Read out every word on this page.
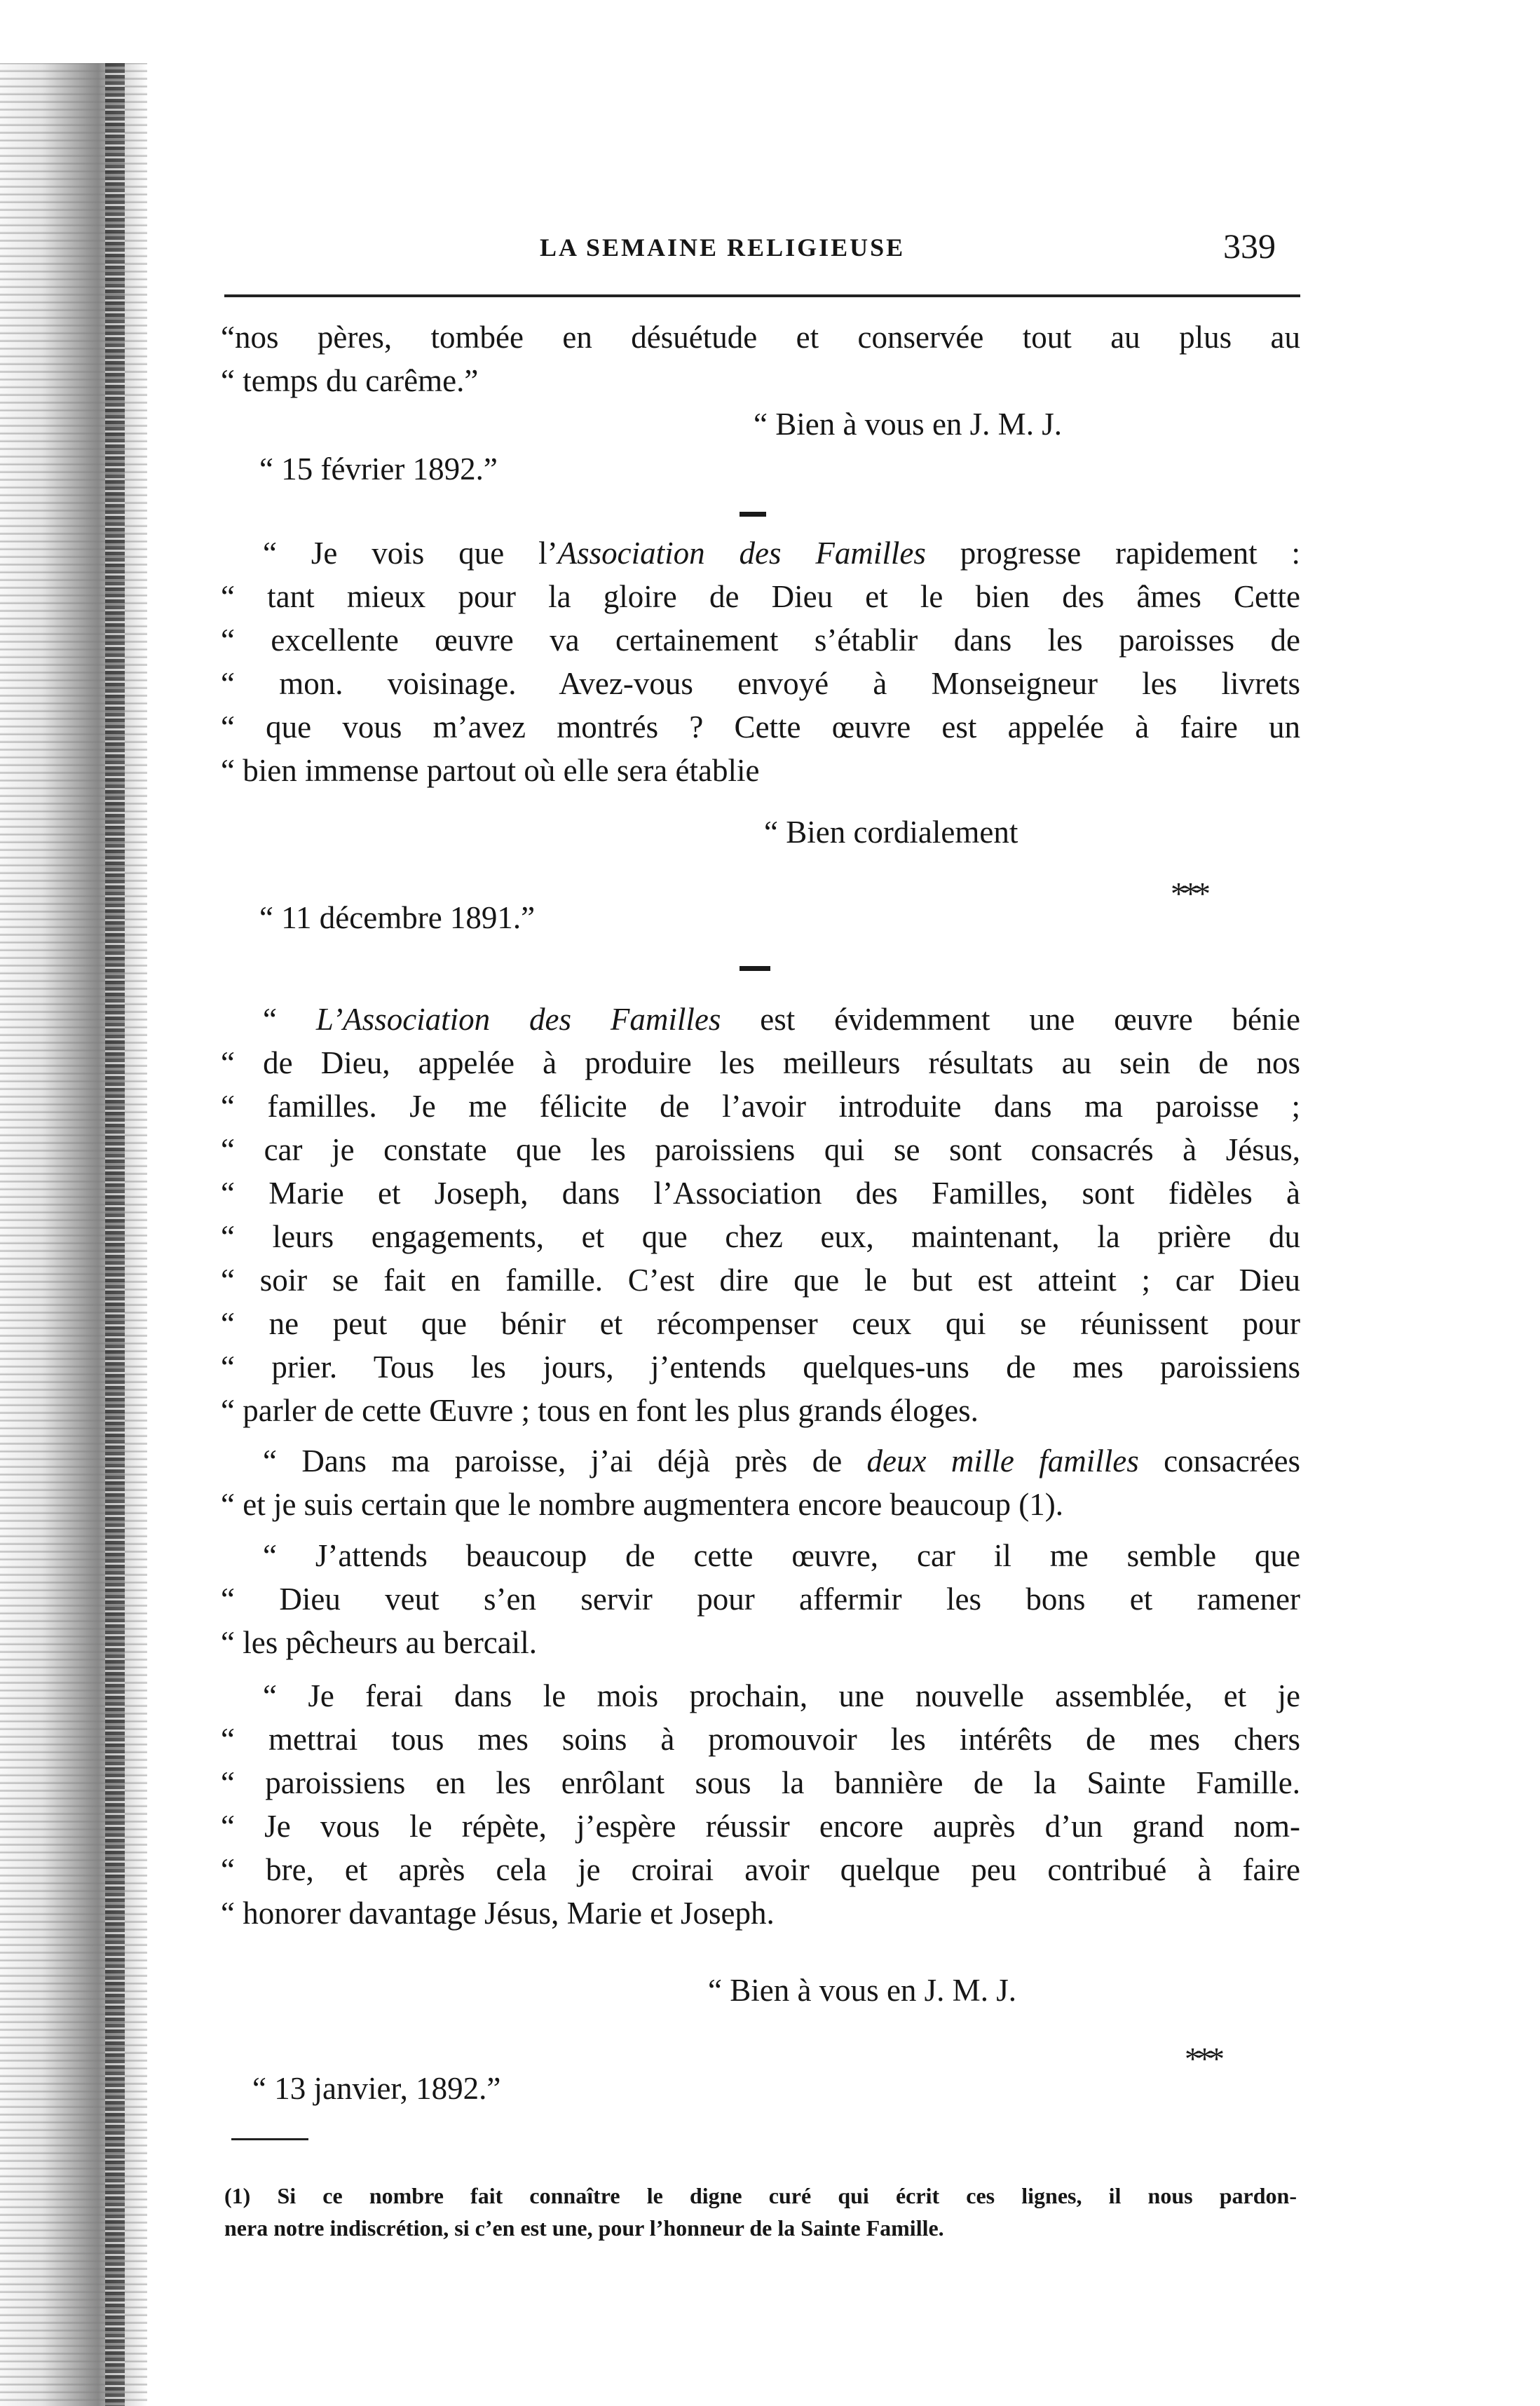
LA SEMAINE RELIGIEUSE	339
“nos pères, tombée en désuétude et conservée tout au plus au
“ temps du carême.”
“ Bien à vous en J. M. J.
“ 15 février 1892.”
“ Je vois que l’Association des Familles progresse rapidement :
“ tant mieux pour la gloire de Dieu et le bien des âmes Cette
“ excellente œuvre va certainement s’établir dans les paroisses de
“ mon. voisinage. Avez-vous envoyé à Monseigneur les livrets
“ que vous m’avez montrés ? Cette œuvre est appelée à faire un
“ bien immense partout où elle sera établie
“ Bien cordialement
***
“ 11 décembre 1891.”
“ L’Association des Familles est évidemment une œuvre bénie
“ de Dieu, appelée à produire les meilleurs résultats au sein de nos
“ familles. Je me félicite de l’avoir introduite dans ma paroisse ;
“ car je constate que les paroissiens qui se sont consacrés à Jésus,
“ Marie et Joseph, dans l’Association des Familles, sont fidèles à
“ leurs engagements, et que chez eux, maintenant, la prière du
“ soir se fait en famille. C’est dire que le but est atteint ; car Dieu
“ ne peut que bénir et récompenser ceux qui se réunissent pour
“ prier. Tous les jours, j’entends quelques-uns de mes paroissiens
“ parler de cette Œuvre ; tous en font les plus grands éloges.
“ Dans ma paroisse, j’ai déjà près de deux mille familles consacrées
“ et je suis certain que le nombre augmentera encore beaucoup (1).
“ J’attends beaucoup de cette œuvre, car il me semble que
“ Dieu veut s’en servir pour affermir les bons et ramener
“ les pêcheurs au bercail.
“ Je ferai dans le mois prochain, une nouvelle assemblée, et je
“ mettrai tous mes soins à promouvoir les intérêts de mes chers
“ paroissiens en les enrôlant sous la bannière de la Sainte Famille.
“ Je vous le répète, j’espère réussir encore auprès d’un grand nom-
“ bre, et après cela je croirai avoir quelque peu contribué à faire
“ honorer davantage Jésus, Marie et Joseph.
“ Bien à vous en J. M. J.
***
“ 13 janvier, 1892.”
(1) Si ce nombre fait connaître le digne curé qui écrit ces lignes, il nous pardon-
nera notre indiscrétion, si c’en est une, pour l’honneur de la Sainte Famille.
